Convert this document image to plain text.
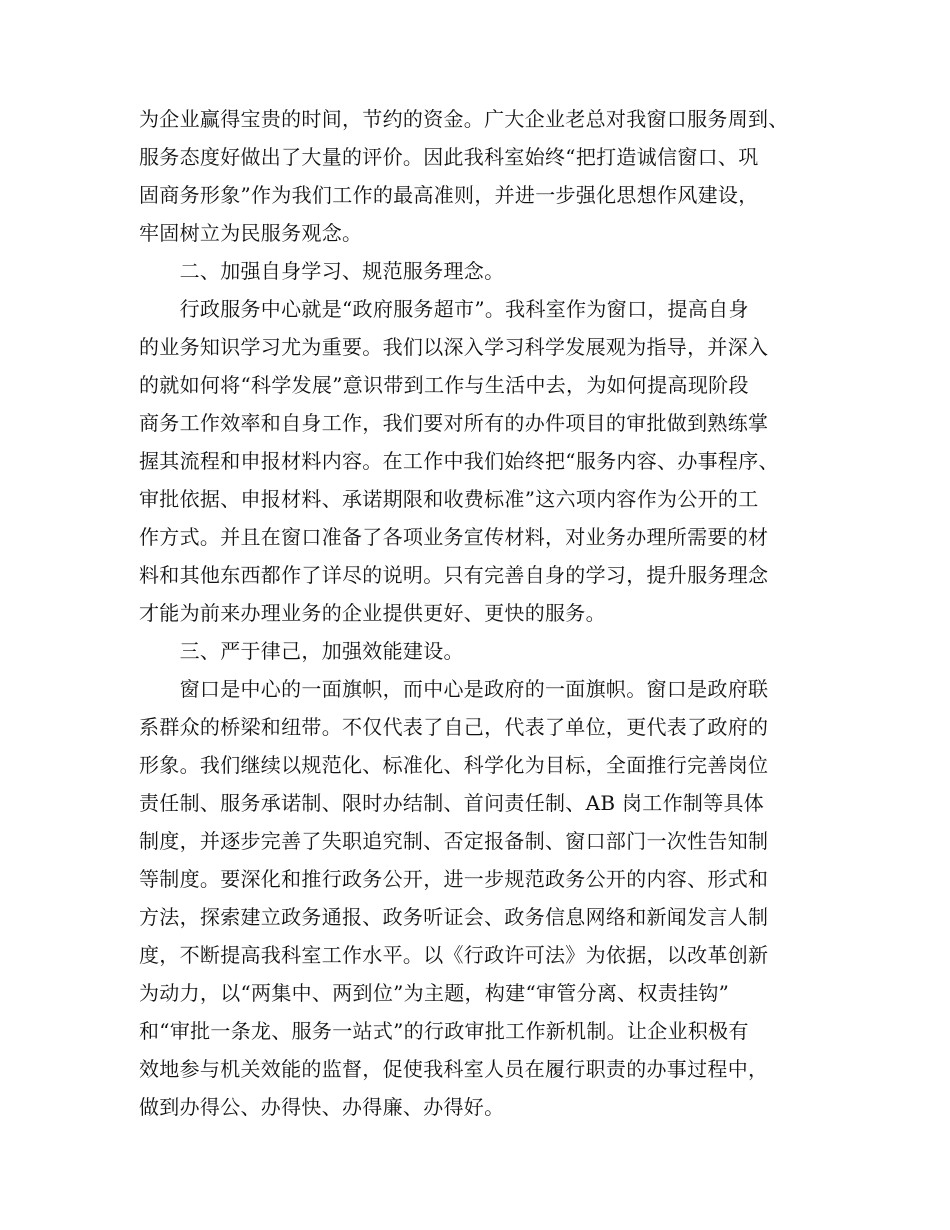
为企业赢得宝贵的时间，节约的资金。广大企业老总对我窗口服务周到、
服务态度好做出了大量的评价。因此我科室始终“把打造诚信窗口、巩
固商务形象”作为我们工作的最高准则，并进一步强化思想作风建设，
牢固树立为民服务观念。
　　二、加强自身学习、规范服务理念。
　　行政服务中心就是“政府服务超市”。我科室作为窗口，提高自身
的业务知识学习尤为重要。我们以深入学习科学发展观为指导，并深入
的就如何将“科学发展”意识带到工作与生活中去，为如何提高现阶段
商务工作效率和自身工作，我们要对所有的办件项目的审批做到熟练掌
握其流程和申报材料内容。在工作中我们始终把“服务内容、办事程序、
审批依据、申报材料、承诺期限和收费标准”这六项内容作为公开的工
作方式。并且在窗口准备了各项业务宣传材料，对业务办理所需要的材
料和其他东西都作了详尽的说明。只有完善自身的学习，提升服务理念
才能为前来办理业务的企业提供更好、更快的服务。
　　三、严于律己，加强效能建设。
　　窗口是中心的一面旗帜，而中心是政府的一面旗帜。窗口是政府联
系群众的桥梁和纽带。不仅代表了自己，代表了单位，更代表了政府的
形象。我们继续以规范化、标准化、科学化为目标，全面推行完善岗位
责任制、服务承诺制、限时办结制、首问责任制、AB 岗工作制等具体
制度，并逐步完善了失职追究制、否定报备制、窗口部门一次性告知制
等制度。要深化和推行政务公开，进一步规范政务公开的内容、形式和
方法，探索建立政务通报、政务听证会、政务信息网络和新闻发言人制
度，不断提高我科室工作水平。以《行政许可法》为依据，以改革创新
为动力，以“两集中、两到位”为主题，构建“审管分离、权责挂钩”
和“审批一条龙、服务一站式”的行政审批工作新机制。让企业积极有
效地参与机关效能的监督，促使我科室人员在履行职责的办事过程中，
做到办得公、办得快、办得廉、办得好。
